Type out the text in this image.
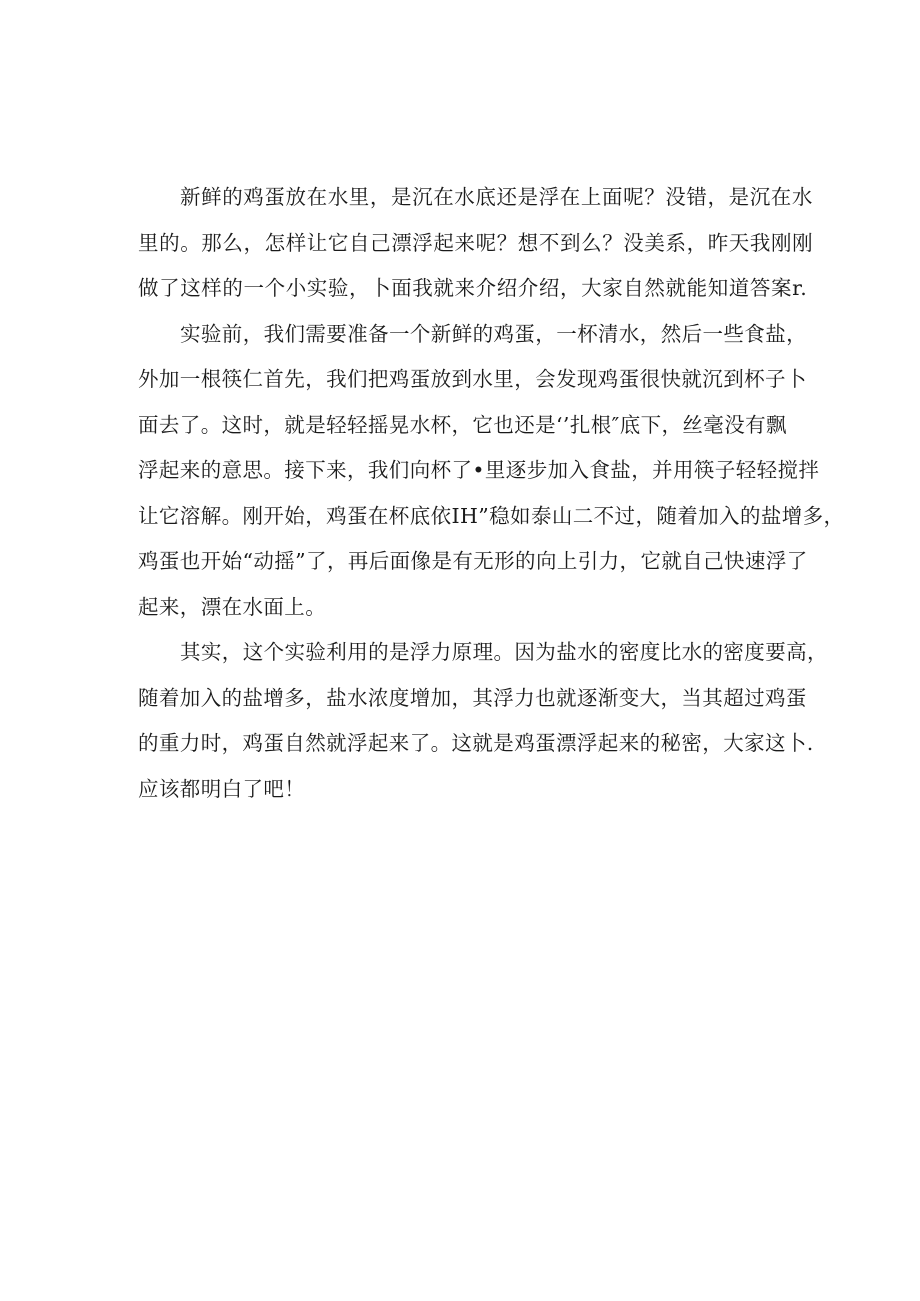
新鲜的鸡蛋放在水里，是沉在水底还是浮在上面呢？没错，是沉在水
里的。那么，怎样让它自己漂浮起来呢？想不到么？没美系，昨天我刚刚
做了这样的一个小实验，卜面我就来介绍介绍，大家自然就能知道答案r.
实验前，我们需要准备一个新鲜的鸡蛋，一杯清水，然后一些食盐，
外加一根筷仁首先，我们把鸡蛋放到水里，会发现鸡蛋很快就沉到杯子卜
面去了。这时，就是轻轻摇晃水杯，它也还是‘’扎根″底下，丝毫没有飘
浮起来的意思。接下来，我们向杯了•里逐步加入食盐，并用筷子轻轻搅拌
让它溶解。刚开始，鸡蛋在杯底依IH”稳如泰山二不过，随着加入的盐增多，
鸡蛋也开始“动摇”了，再后面像是有无形的向上引力，它就自己快速浮了
起来，漂在水面上。
其实，这个实验利用的是浮力原理。因为盐水的密度比水的密度要高，
随着加入的盐增多，盐水浓度增加，其浮力也就逐渐变大，当其超过鸡蛋
的重力时，鸡蛋自然就浮起来了。这就是鸡蛋漂浮起来的秘密，大家这卜.
应该都明白了吧！
